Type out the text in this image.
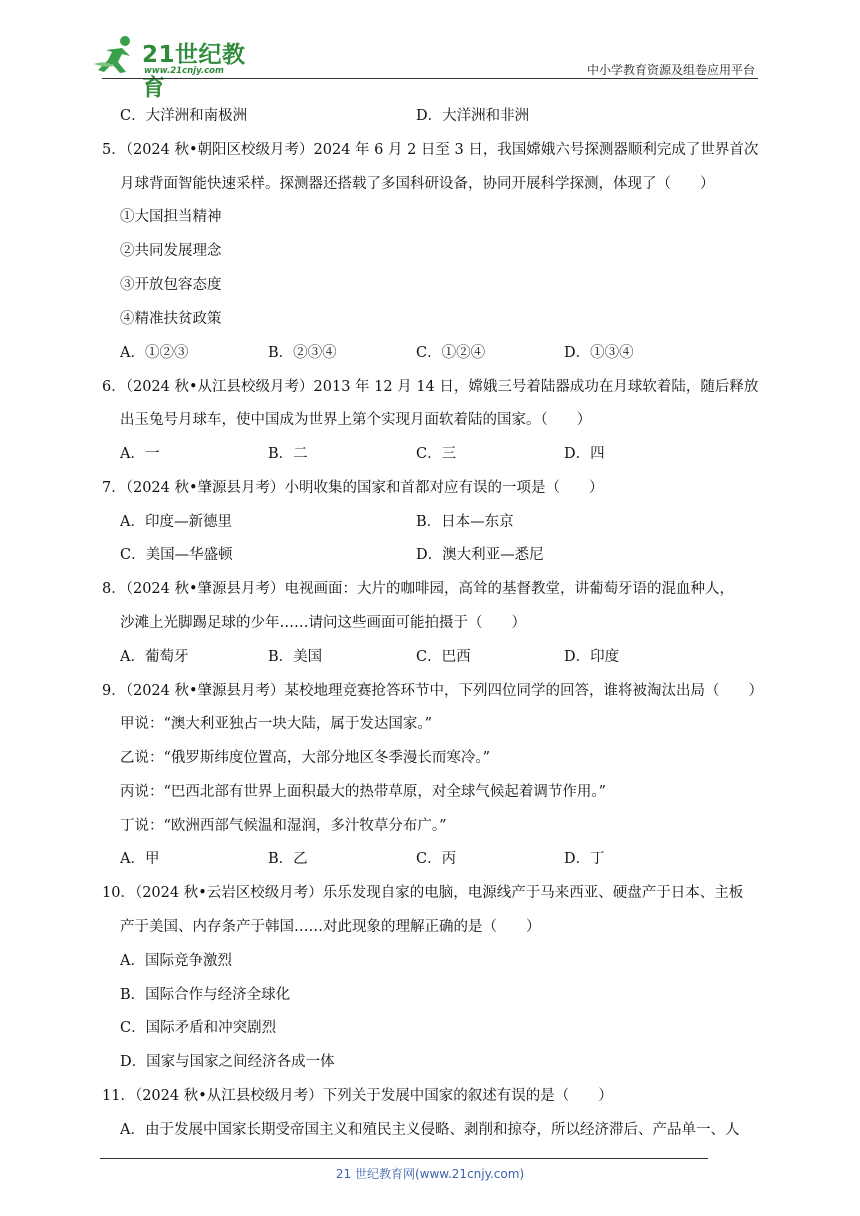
21世纪教育
www.21cnjy.com	中小学教育资源及组卷应用平台
C．大洋洲和南极洲	D．大洋洲和非洲
5．（2024 秋•朝阳区校级月考）2024 年 6 月 2 日至 3 日，我国嫦娥六号探测器顺利完成了世界首次
月球背面智能快速采样。探测器还搭载了多国科研设备，协同开展科学探测，体现了（　　）
①大国担当精神
②共同发展理念
③开放包容态度
④精准扶贫政策
A．①②③	B．②③④	C．①②④	D．①③④
6．（2024 秋•从江县校级月考）2013 年 12 月 14 日，嫦娥三号着陆器成功在月球软着陆，随后释放
出玉兔号月球车，使中国成为世界上第个实现月面软着陆的国家。（　　）
A．一	B．二	C．三	D．四
7．（2024 秋•肇源县月考）小明收集的国家和首都对应有误的一项是（　　）
A．印度—新德里	B．日本—东京
C．美国—华盛顿	D．澳大利亚—悉尼
8．（2024 秋•肇源县月考）电视画面：大片的咖啡园，高耸的基督教堂，讲葡萄牙语的混血种人，
沙滩上光脚踢足球的少年……请问这些画面可能拍摄于（　　）
A．葡萄牙	B．美国	C．巴西	D．印度
9．（2024 秋•肇源县月考）某校地理竞赛抢答环节中，下列四位同学的回答，谁将被淘汰出局（　　）
甲说：“澳大利亚独占一块大陆，属于发达国家。”
乙说：“俄罗斯纬度位置高，大部分地区冬季漫长而寒冷。”
丙说：“巴西北部有世界上面积最大的热带草原，对全球气候起着调节作用。”
丁说：“欧洲西部气候温和湿润，多汁牧草分布广。”
A．甲	B．乙	C．丙	D．丁
10．（2024 秋•云岩区校级月考）乐乐发现自家的电脑，电源线产于马来西亚、硬盘产于日本、主板
产于美国、内存条产于韩国……对此现象的理解正确的是（　　）
A．国际竞争激烈
B．国际合作与经济全球化
C．国际矛盾和冲突剧烈
D．国家与国家之间经济各成一体
11．（2024 秋•从江县校级月考）下列关于发展中国家的叙述有误的是（　　）
A．由于发展中国家长期受帝国主义和殖民主义侵略、剥削和掠夺，所以经济滞后、产品单一、人
21 世纪教育网(www.21cnjy.com)
